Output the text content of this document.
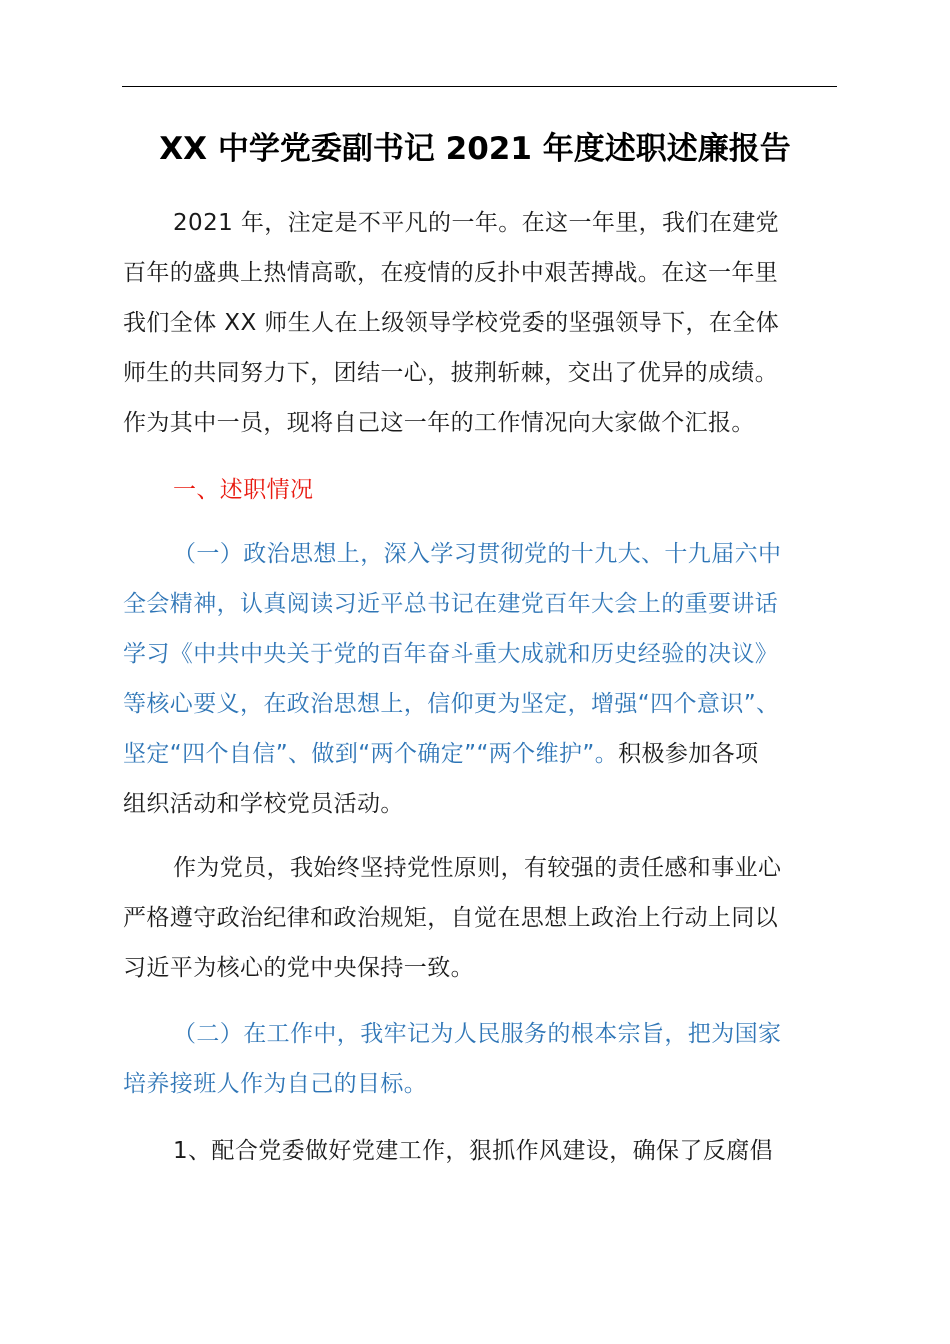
XX 中学党委副书记 2021 年度述职述廉报告
2021 年，注定是不平凡的一年。在这一年里，我们在建党
百年的盛典上热情高歌，在疫情的反扑中艰苦搏战。在这一年里
我们全体 XX 师生人在上级领导学校党委的坚强领导下，在全体
师生的共同努力下，团结一心，披荆斩棘，交出了优异的成绩。
作为其中一员，现将自己这一年的工作情况向大家做个汇报。
一、述职情况
（一）政治思想上，深入学习贯彻党的十九大、十九届六中
全会精神，认真阅读习近平总书记在建党百年大会上的重要讲话
学习《中共中央关于党的百年奋斗重大成就和历史经验的决议》
等核心要义，在政治思想上，信仰更为坚定，增强“四个意识”、
坚定“四个自信”、做到“两个确定”“两个维护”。积极参加各项
组织活动和学校党员活动。
作为党员，我始终坚持党性原则，有较强的责任感和事业心
严格遵守政治纪律和政治规矩，自觉在思想上政治上行动上同以
习近平为核心的党中央保持一致。
（二）在工作中，我牢记为人民服务的根本宗旨，把为国家
培养接班人作为自己的目标。
1、配合党委做好党建工作，狠抓作风建设，确保了反腐倡
